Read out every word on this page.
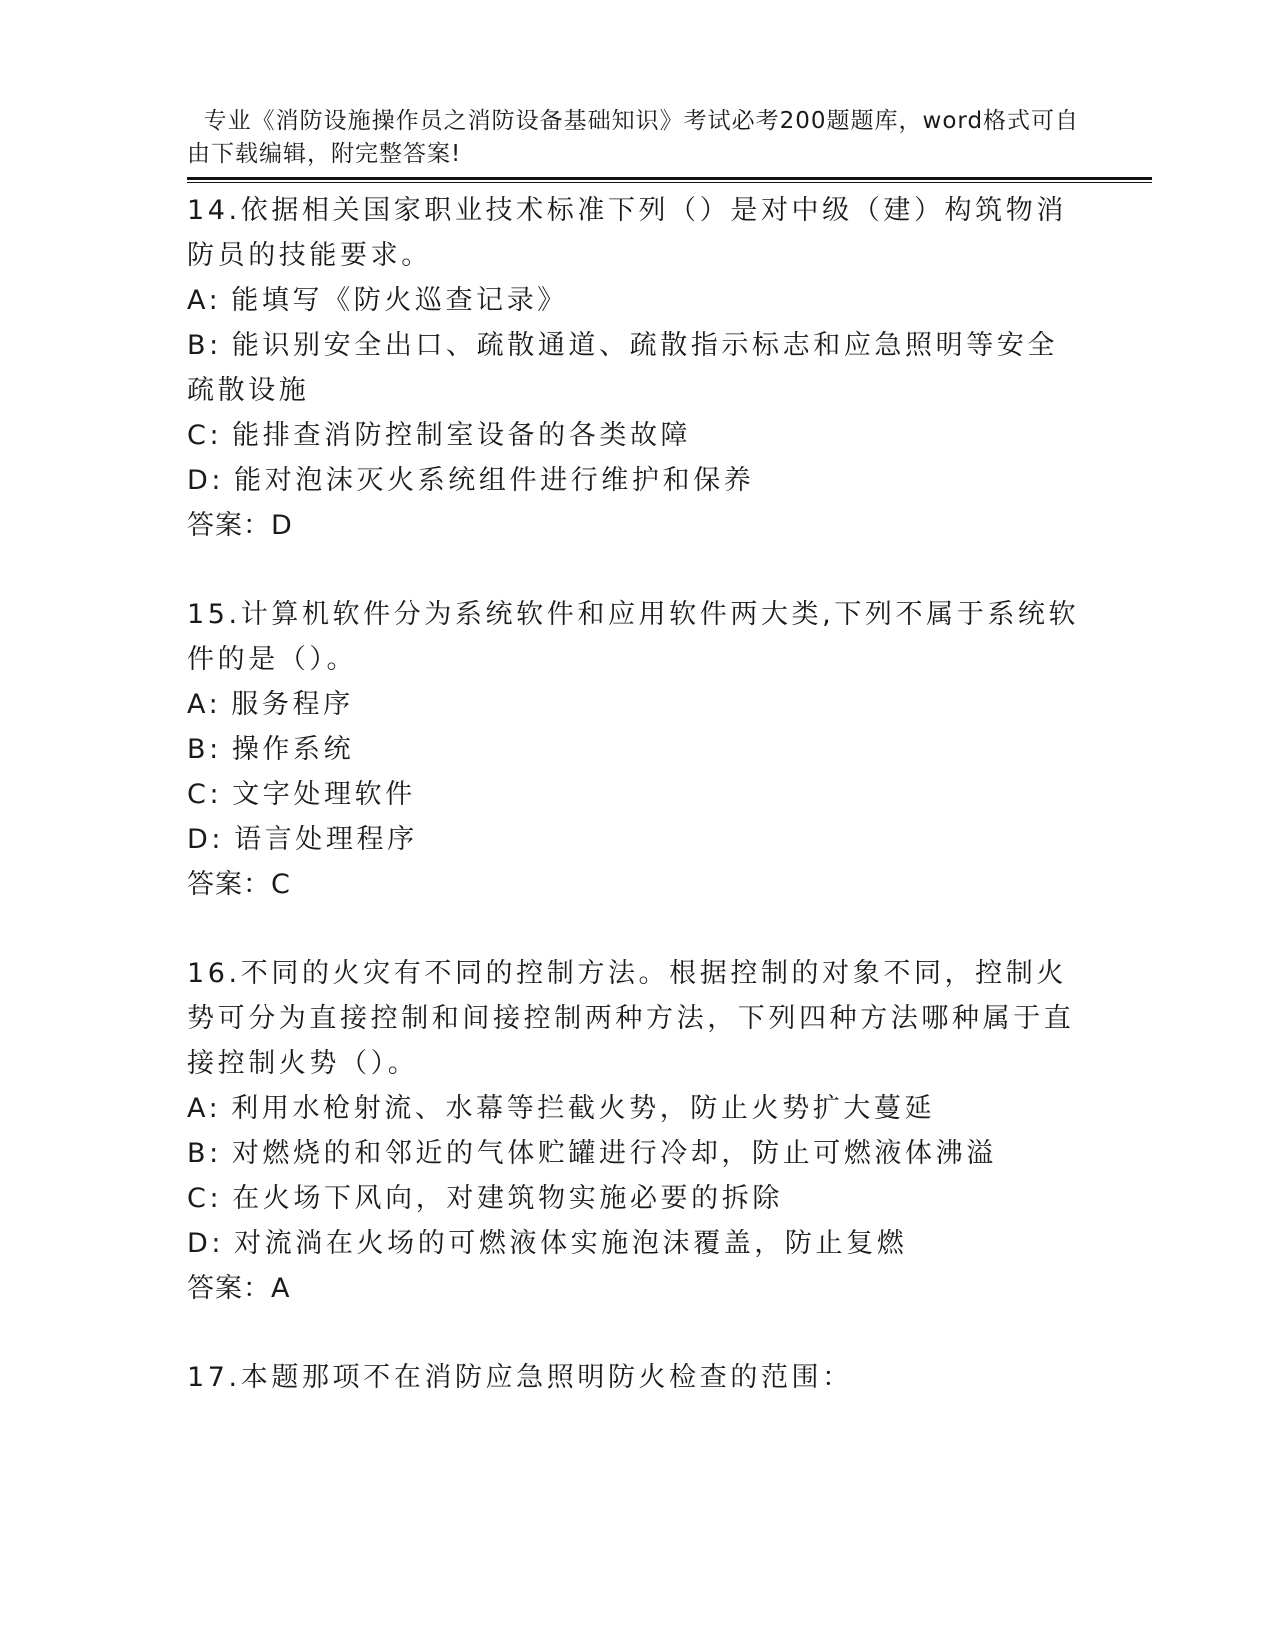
专业《消防设施操作员之消防设备基础知识》考试必考200题题库，word格式可自由下载编辑，附完整答案!

14.依据相关国家职业技术标准下列（）是对中级（建）构筑物消防员的技能要求。

A: 能填写《防火巡查记录》

B: 能识别安全出口、疏散通道、疏散指示标志和应急照明等安全疏散设施

C: 能排查消防控制室设备的各类故障

D: 能对泡沫灭火系统组件进行维护和保养

答案：D

15.计算机软件分为系统软件和应用软件两大类,下列不属于系统软件的是（）。

A: 服务程序

B: 操作系统

C: 文字处理软件

D: 语言处理程序

答案：C

16.不同的火灾有不同的控制方法。根据控制的对象不同，控制火势可分为直接控制和间接控制两种方法，下列四种方法哪种属于直接控制火势（）。

A: 利用水枪射流、水幕等拦截火势，防止火势扩大蔓延

B: 对燃烧的和邻近的气体贮罐进行冷却，防止可燃液体沸溢

C: 在火场下风向，对建筑物实施必要的拆除

D: 对流淌在火场的可燃液体实施泡沫覆盖，防止复燃

答案：A

17.本题那项不在消防应急照明防火检查的范围：
